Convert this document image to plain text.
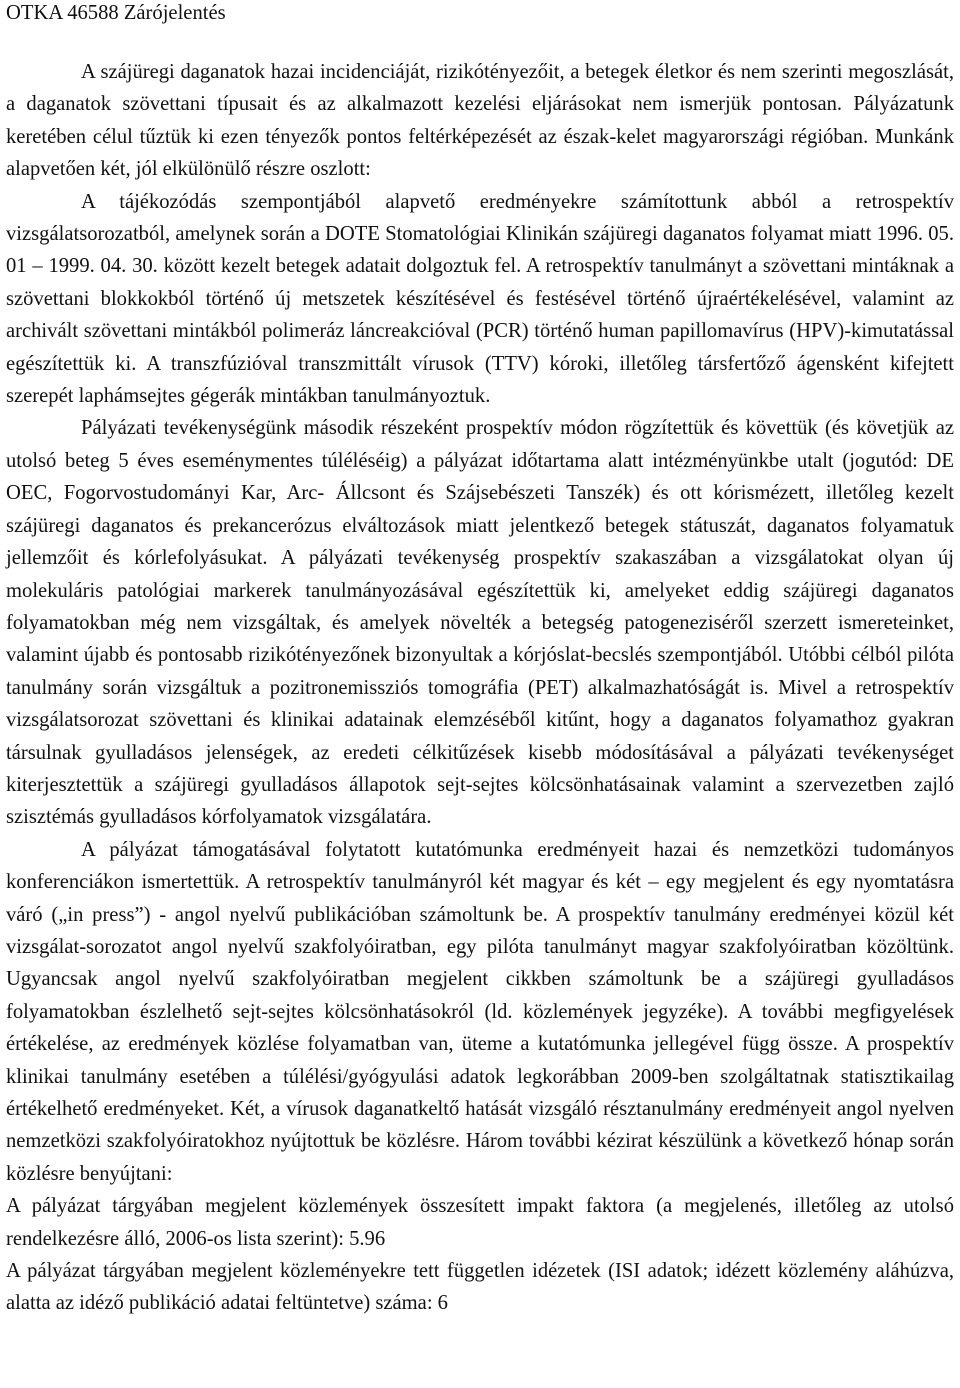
OTKA 46588 Zárójelentés

A szájüregi daganatok hazai incidenciáját, rizikótényezőit, a betegek életkor és nem szerinti megoszlását, a daganatok szövettani típusait és az alkalmazott kezelési eljárásokat nem ismerjük pontosan. Pályázatunk keretében célul tűztük ki ezen tényezők pontos feltérképezését az észak-kelet magyarországi régióban. Munkánk alapvetően két, jól elkülönülő részre oszlott:

A tájékozódás szempontjából alapvető eredményekre számítottunk abból a retrospektív vizsgálatsorozatból, amelynek során a DOTE Stomatológiai Klinikán szájüregi daganatos folyamat miatt 1996. 05. 01 – 1999. 04. 30. között kezelt betegek adatait dolgoztuk fel. A retrospektív tanulmányt a szövettani mintáknak a szövettani blokkokból történő új metszetek készítésével és festésével történő újraértékelésével, valamint az archivált szövettani mintákból polimeráz láncreakcióval (PCR) történő human papillomavírus (HPV)-kimutatással egészítettük ki. A transzfúzióval transzmittált vírusok (TTV) kóroki, illetőleg társfertőző ágensként kifejtett szerepét laphámsejtes gégerák mintákban tanulmányoztuk.

Pályázati tevékenységünk második részeként prospektív módon rögzítettük és követtük (és követjük az utolsó beteg 5 éves eseménymentes túléléséig) a pályázat időtartama alatt intézményünkbe utalt (jogutód: DE OEC, Fogorvostudományi Kar, Arc- Állcsont és Szájsebészeti Tanszék) és ott kórismézett, illetőleg kezelt szájüregi daganatos és prekancerózus elváltozások miatt jelentkező betegek státuszát, daganatos folyamatuk jellemzőit és kórlefolyásukat. A pályázati tevékenység prospektív szakaszában a vizsgálatokat olyan új molekuláris patológiai markerek tanulmányozásával egészítettük ki, amelyeket eddig szájüregi daganatos folyamatokban még nem vizsgáltak, és amelyek növelték a betegség patogeneziséről szerzett ismereteinket, valamint újabb és pontosabb rizikótényezőnek bizonyultak a kórjóslat-becslés szempontjából. Utóbbi célból pilóta tanulmány során vizsgáltuk a pozitronemissziós tomográfia (PET) alkalmazhatóságát is. Mivel a retrospektív vizsgálatsorozat szövettani és klinikai adatainak elemzéséből kitűnt, hogy a daganatos folyamathoz gyakran társulnak gyulladásos jelenségek, az eredeti célkitűzések kisebb módosításával a pályázati tevékenységet kiterjesztettük a szájüregi gyulladásos állapotok sejt-sejtes kölcsönhatásainak valamint a szervezetben zajló szisztémás gyulladásos kórfolyamatok vizsgálatára.

A pályázat támogatásával folytatott kutatómunka eredményeit hazai és nemzetközi tudományos konferenciákon ismertettük. A retrospektív tanulmányról két magyar és két – egy megjelent és egy nyomtatásra váró („in press”) - angol nyelvű publikációban számoltunk be. A prospektív tanulmány eredményei közül két vizsgálat-sorozatot angol nyelvű szakfolyóiratban, egy pilóta tanulmányt magyar szakfolyóiratban közöltünk. Ugyancsak angol nyelvű szakfolyóiratban megjelent cikkben számoltunk be a szájüregi gyulladásos folyamatokban észlelhető sejt-sejtes kölcsönhatásokról (ld. közlemények jegyzéke). A további megfigyelések értékelése, az eredmények közlése folyamatban van, üteme a kutatómunka jellegével függ össze. A prospektív klinikai tanulmány esetében a túlélési/gyógyulási adatok legkorábban 2009-ben szolgáltatnak statisztikailag értékelhető eredményeket. Két, a vírusok daganatkeltő hatását vizsgáló résztanulmány eredményeit angol nyelven nemzetközi szakfolyóiratokhoz nyújtottuk be közlésre. Három további kézirat készülünk a következő hónap során közlésre benyújtani:

A pályázat tárgyában megjelent közlemények összesített impakt faktora (a megjelenés, illetőleg az utolsó rendelkezésre álló, 2006-os lista szerint): 5.96

A pályázat tárgyában megjelent közleményekre tett független idézetek (ISI adatok; idézett közlemény aláhúzva, alatta az idéző publikáció adatai feltüntetve) száma: 6
